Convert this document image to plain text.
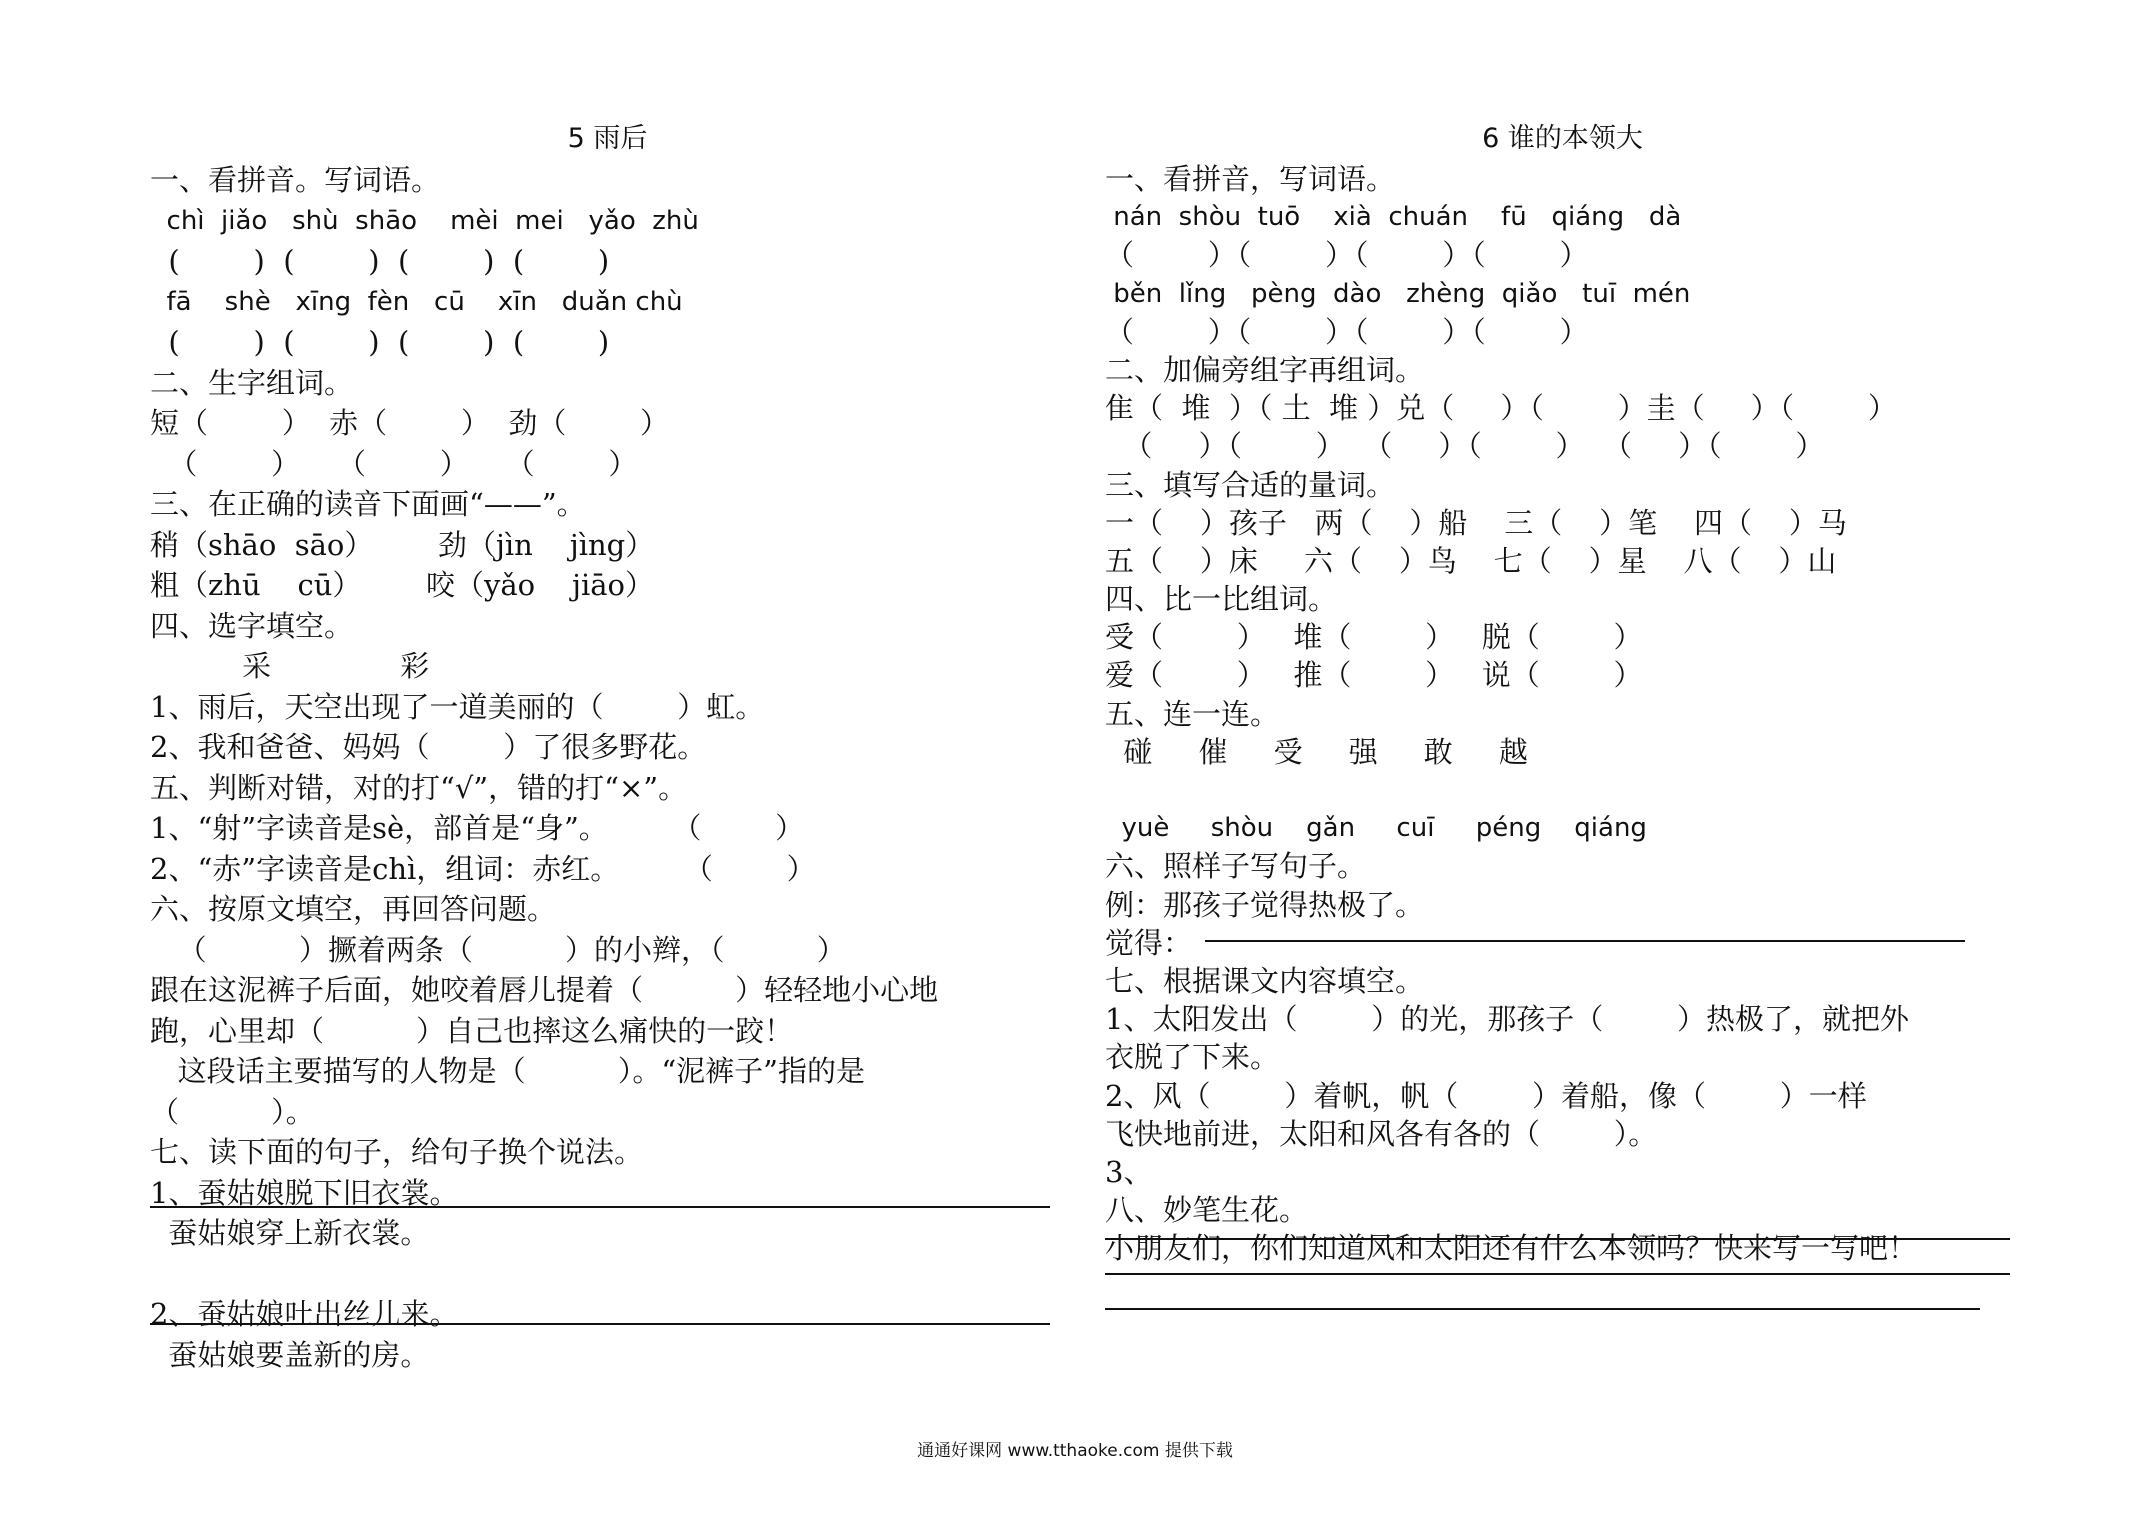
5 雨后
一、看拼音。写词语。
chì  jiǎo   shù  shāo    mèi  mei   yǎo  zhù
(        )  (        )  (        )  (        )
fā    shè   xīng  fèn   cū    xīn   duǎn chù
(        )  (        )  (        )  (        )
二、生字组词。
短（        ）  赤（        ）  劲（        ）
（        ）    （        ）    （        ）
三、在正确的读音下面画“——”。
稍（shāo  sāo）       劲（jìn    jìng）
粗（zhū    cū）       咬（yǎo    jiāo）
四、选字填空。
采              彩
1、雨后，天空出现了一道美丽的（        ）虹。
2、我和爸爸、妈妈（        ）了很多野花。
五、判断对错，对的打“√”，错的打“×”。
1、“射”字读音是sè，部首是“身”。       （        ）
2、“赤”字读音是chì，组词：赤红。       （        ）
六、按原文填空，再回答问题。
（          ）撅着两条（          ）的小辫，（          ）
跟在这泥裤子后面，她咬着唇儿提着（          ）轻轻地小心地
跑，心里却（          ）自己也摔这么痛快的一跤！
这段话主要描写的人物是（          ）。“泥裤子”指的是
（          ）。
七、读下面的句子，给句子换个说法。
1、蚕姑娘脱下旧衣裳。
蚕姑娘穿上新衣裳。
2、蚕姑娘吐出丝儿来。
蚕姑娘要盖新的房。
6 谁的本领大
一、看拼音，写词语。
nán  shòu  tuō    xià  chuán    fū   qiáng   dà
（        ）（        ）（        ）（        ）
běn  lǐng   pèng  dào   zhèng  qiǎo   tuī  mén
（        ）（        ）（        ）（        ）
二、加偏旁组字再组词。
隹（  堆  ）（ 土  堆 ）兑（     ）（        ）圭（     ）（        ）
（     ）（        ）  （     ）（        ）  （     ）（        ）
三、填写合适的量词。
一（    ）孩子   两（    ）船    三（    ）笔    四（    ）马
五（    ）床     六（    ）鸟    七（    ）星    八（    ）山
四、比一比组词。
受（        ）   堆（        ）   脱（        ）
爱（        ）   推（        ）   说（        ）
五、连一连。
碰     催     受     强     敢     越
yuè     shòu    gǎn     cuī     péng    qiáng
六、照样子写句子。
例：那孩子觉得热极了。
觉得：
七、根据课文内容填空。
1、太阳发出（        ）的光，那孩子（        ）热极了，就把外
衣脱了下来。
2、风（        ）着帆，帆（        ）着船，像（        ）一样
飞快地前进，太阳和风各有各的（        ）。
3、
八、妙笔生花。
小朋友们，你们知道风和太阳还有什么本领吗？快来写一写吧！
通通好课网 www.tthaoke.com 提供下载
